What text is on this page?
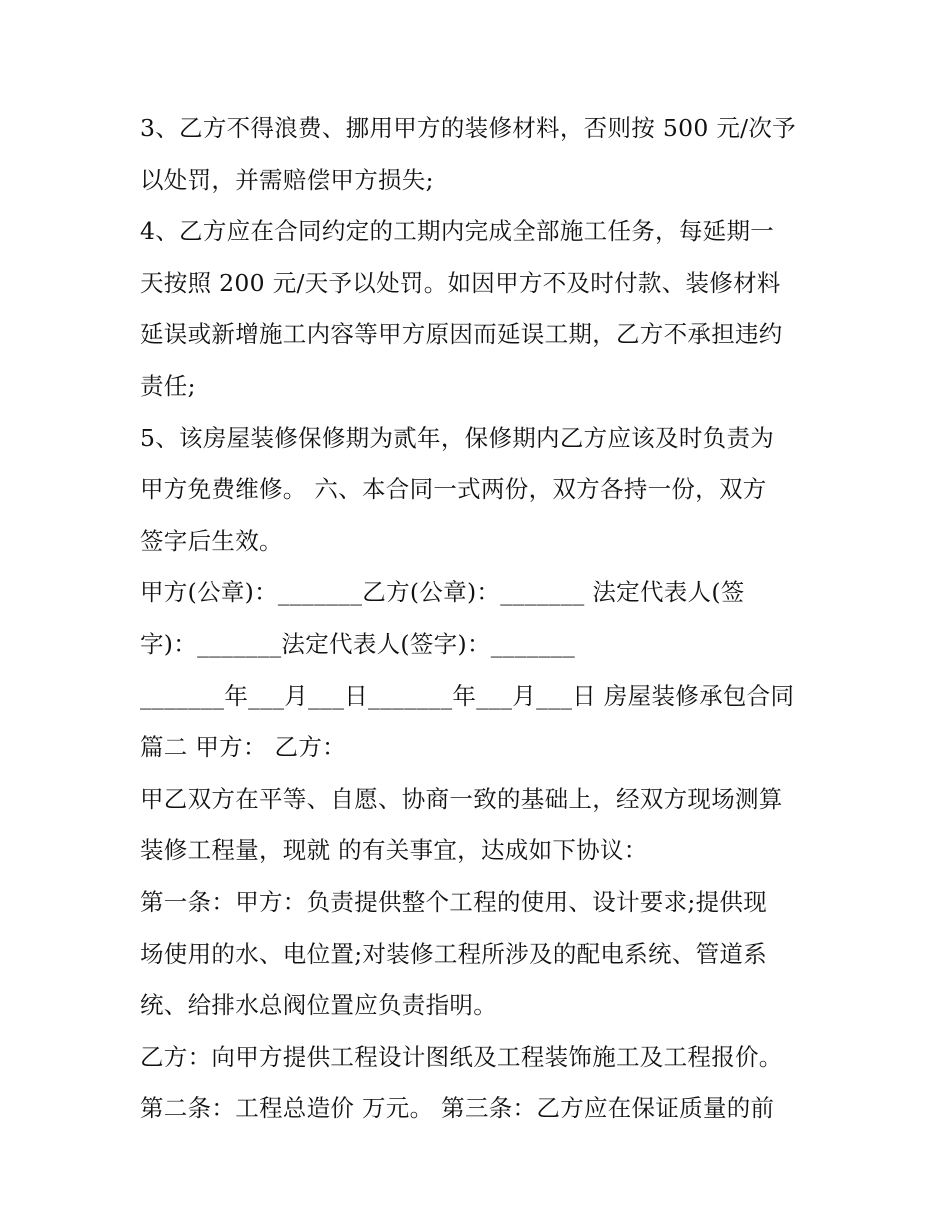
3、乙方不得浪费、挪用甲方的装修材料，否则按 500 元/次予
以处罚，并需赔偿甲方损失;
4、乙方应在合同约定的工期内完成全部施工任务，每延期一
天按照 200 元/天予以处罚。如因甲方不及时付款、装修材料
延误或新增施工内容等甲方原因而延误工期，乙方不承担违约
责任;
5、该房屋装修保修期为贰年，保修期内乙方应该及时负责为
甲方免费维修。 六、本合同一式两份，双方各持一份，双方
签字后生效。
甲方(公章)：_______乙方(公章)：_______ 法定代表人(签
字)：_______法定代表人(签字)：_______
_______年___月___日_______年___月___日 房屋装修承包合同
篇二 甲方： 乙方：
甲乙双方在平等、自愿、协商一致的基础上，经双方现场测算
装修工程量，现就 的有关事宜，达成如下协议：
第一条：甲方：负责提供整个工程的使用、设计要求;提供现
场使用的水、电位置;对装修工程所涉及的配电系统、管道系
统、给排水总阀位置应负责指明。
乙方：向甲方提供工程设计图纸及工程装饰施工及工程报价。
第二条：工程总造价 万元。 第三条：乙方应在保证质量的前
